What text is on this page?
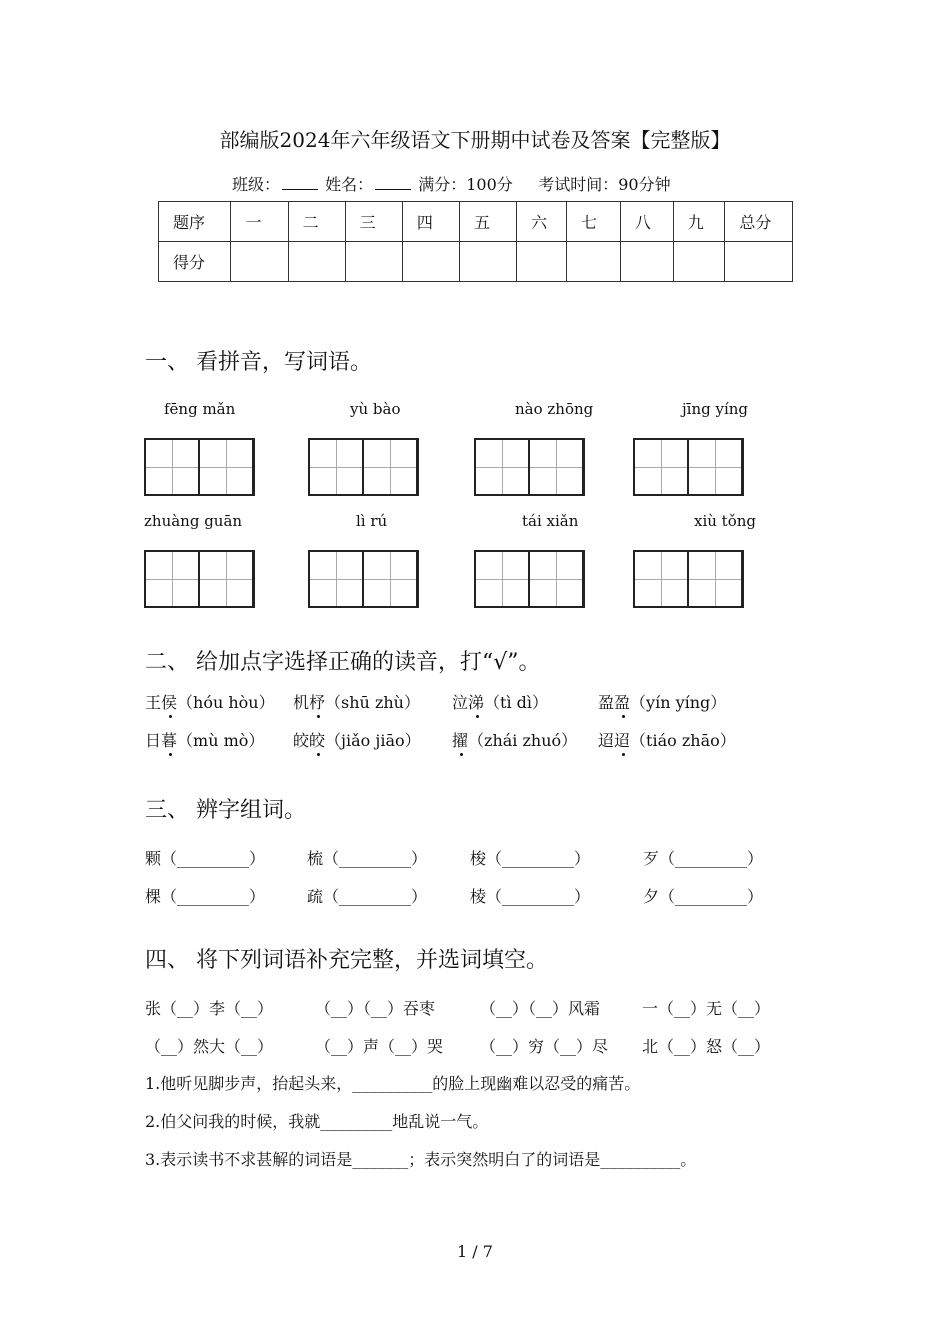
部编版2024年六年级语文下册期中试卷及答案【完整版】
班级：	姓名：	满分：100分 考试时间：90分钟
题序	一	二	三	四	五	六	七	八	九	总分
得分										
一、 看拼音，写词语。
fēng mǎn	yù bào	nào zhōng	jīng yíng
zhuàng guān	lì rú	tái xiǎn	xiù tǒng
二、 给加点字选择正确的读音，打“√”。
王侯（hóu hòu） 机杼（shū zhù） 泣涕（tì dì）	盈盈（yín yíng）
日暮（mù mò） 皎皎（jiǎo jiāo） 擢（zhái zhuó） 迢迢（tiáo zhāo）
三、 辨字组词。
颗（_________）	梳（_________）	梭（_________）	歹（_________）
棵（_________）	疏（_________）	棱（_________）	夕（_________）
四、 将下列词语补充完整，并选词填空。
张（__）李（__）	（__）（__）吞枣	（__）（__）风霜	一（__）无（__）
（__）然大（__）	（__）声（__）哭 （__）穷（__）尽 北（__）怒（__）
1.他听见脚步声，抬起头来，__________的脸上现幽难以忍受的痛苦。
2.伯父问我的时候，我就_________地乱说一气。
3.表示读书不求甚解的词语是_______；表示突然明白了的词语是__________。
1 / 7
